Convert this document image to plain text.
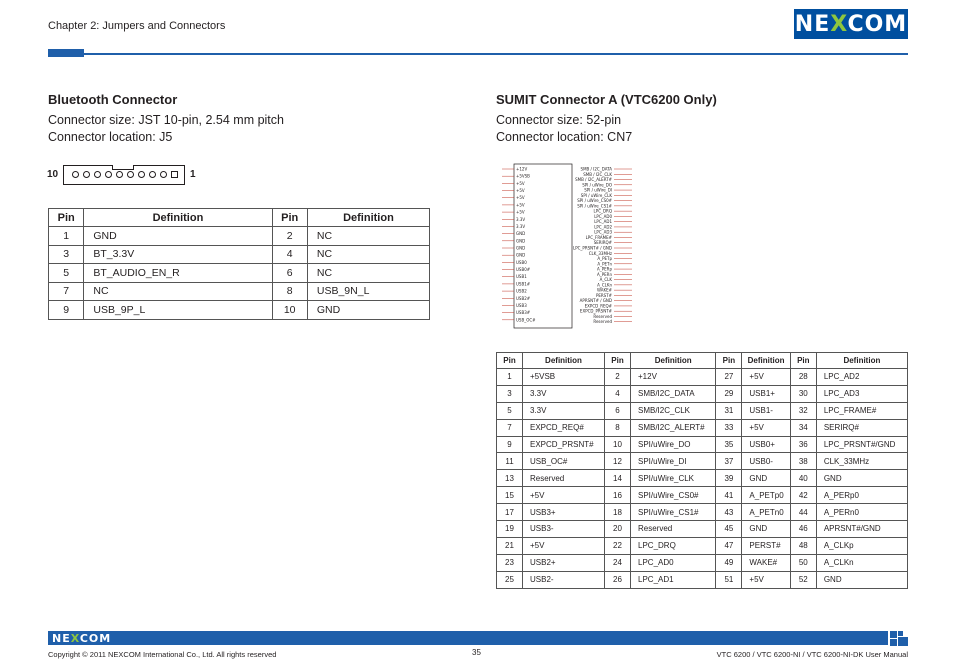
Chapter 2: Jumpers and Connectors	NEXCOM
Bluetooth Connector
Connector size: JST 10-pin, 2.54 mm pitch
Connector location: J5
10	1
Pin	Definition	Pin	Definition
1	GND	2	NC
3	BT_3.3V	4	NC
5	BT_AUDIO_EN_R	6	NC
7	NC	8	USB_9N_L
9	USB_9P_L	10	GND
SUMIT Connector A (VTC6200 Only)
Connector size: 52-pin
Connector location: CN7
+12V
+5VSB
+5V
+5V
+5V
+5V
+5V
3.3V
3.3V
GND
GND
GND
GND
USB0
USB0#
USB1
USB1#
USB2
USB2#
USB3
USB3#
USB_OC#
SMB / I2C_DATA
SMB / I2C_CLK
SMB / I2C_ALERT#
SPI / uWire_DO
SPI / uWire_DI
SPI / uWire_CLK
SPI / uWire_CS0#
SPI / uWire_CS1#
LPC_DRQ
LPC_AD0
LPC_AD1
LPC_AD2
LPC_AD3
LPC_FRAME#
SERIRQ#
LPC_PRSNT# / GND
CLK_33MHz
A_PETp
A_PETn
A_PERp
A_PERn
A_CLK
A_CLKn
WAKE#
PERST#
APRSNT# / GND
EXPCD_REQ#
EXPCD_PRSNT#
Reserved
Reserved
Pin	Definition	Pin	Definition	Pin	Definition	Pin	Definition
1	+5VSB	2	+12V	27	+5V	28	LPC_AD2
3	3.3V	4	SMB/I2C_DATA	29	USB1+	30	LPC_AD3
5	3.3V	6	SMB/I2C_CLK	31	USB1-	32	LPC_FRAME#
7	EXPCD_REQ#	8	SMB/I2C_ALERT#	33	+5V	34	SERIRQ#
9	EXPCD_PRSNT#	10	SPI/uWire_DO	35	USB0+	36	LPC_PRSNT#/GND
11	USB_OC#	12	SPI/uWire_DI	37	USB0-	38	CLK_33MHz
13	Reserved	14	SPI/uWire_CLK	39	GND	40	GND
15	+5V	16	SPI/uWire_CS0#	41	A_PETp0	42	A_PERp0
17	USB3+	18	SPI/uWire_CS1#	43	A_PETn0	44	A_PERn0
19	USB3-	20	Reserved	45	GND	46	APRSNT#/GND
21	+5V	22	LPC_DRQ	47	PERST#	48	A_CLKp
23	USB2+	24	LPC_AD0	49	WAKE#	50	A_CLKn
25	USB2-	26	LPC_AD1	51	+5V	52	GND
NEXCOM
Copyright © 2011 NEXCOM International Co., Ltd. All rights reserved	35	VTC 6200 / VTC 6200-NI / VTC 6200-NI-DK User Manual
